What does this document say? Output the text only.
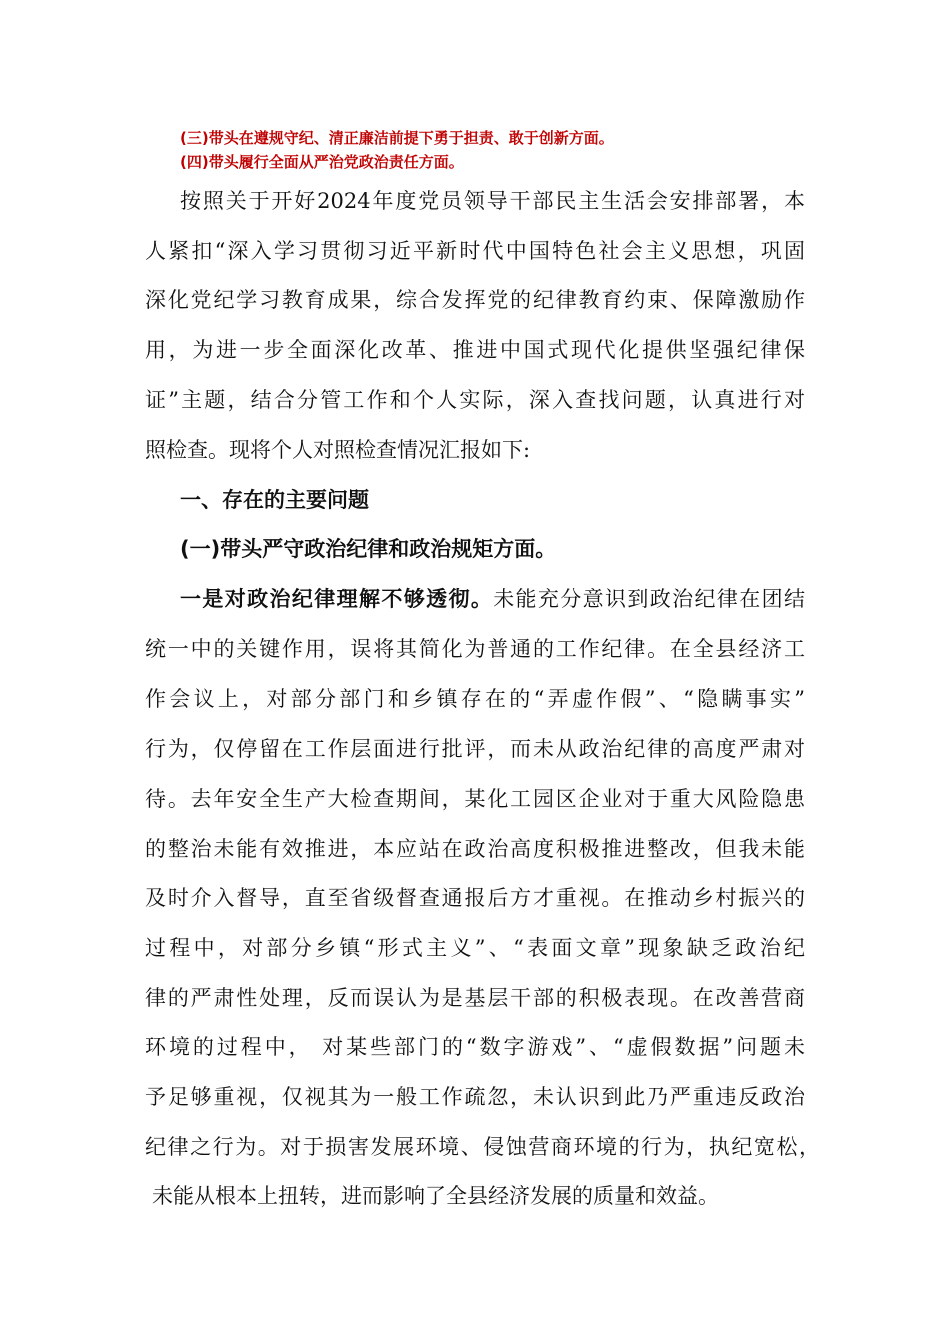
(三)带头在遵规守纪、清正廉洁前提下勇于担责、敢于创新方面。
(四)带头履行全面从严治党政治责任方面。
按照关于开好2024年度党员领导干部民主生活会安排部署，本
人紧扣“深入学习贯彻习近平新时代中国特色社会主义思想，巩固
深化党纪学习教育成果，综合发挥党的纪律教育约束、保障激励作
用，为进一步全面深化改革、推进中国式现代化提供坚强纪律保
证”主题，结合分管工作和个人实际，深入查找问题，认真进行对
照检查。现将个人对照检查情况汇报如下:
一、存在的主要问题
(一)带头严守政治纪律和政治规矩方面。
一是对政治纪律理解不够透彻。未能充分意识到政治纪律在团结
统一中的关键作用，误将其简化为普通的工作纪律。在全县经济工
作会议上，对部分部门和乡镇存在的“弄虚作假”、“隐瞒事实”
行为，仅停留在工作层面进行批评，而未从政治纪律的高度严肃对
待。去年安全生产大检查期间，某化工园区企业对于重大风险隐患
的整治未能有效推进，本应站在政治高度积极推进整改，但我未能
及时介入督导，直至省级督查通报后方才重视。在推动乡村振兴的
过程中，对部分乡镇“形式主义”、“表面文章”现象缺乏政治纪
律的严肃性处理，反而误认为是基层干部的积极表现。在改善营商
环境的过程中， 对某些部门的“数字游戏”、“虚假数据”问题未
予足够重视，仅视其为一般工作疏忽，未认识到此乃严重违反政治
纪律之行为。对于损害发展环境、侵蚀营商环境的行为，执纪宽松，
未能从根本上扭转，进而影响了全县经济发展的质量和效益。
